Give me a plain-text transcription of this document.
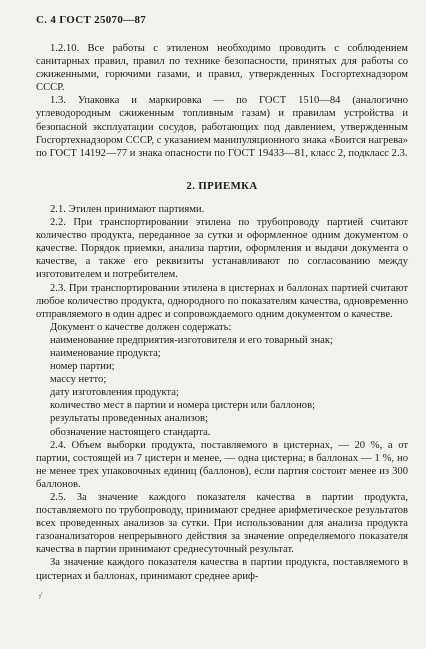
С. 4 ГОСТ 25070—87

1.2.10. Все работы с этиленом необходимо проводить с соблюдением санитарных правил, правил по технике безопасности, принятых для работы со сжиженными, горючими газами, и правил, утвержденных Госгортехнадзором СССР.

1.3. Упаковка и маркировка — по ГОСТ 1510—84 (аналогично углеводородным сжиженным топливным газам) и правилам устройства и безопасной эксплуатации сосудов, работающих под давлением, утвержденным Госгортехнадзором СССР, с указанием манипуляционного знака «Боится нагрева» по ГОСТ 14192—77 и знака опасности по ГОСТ 19433—81, класс 2, подкласс 2.3.

2. ПРИЕМКА

2.1. Этилен принимают партиями.

2.2. При транспортировании этилена по трубопроводу партией считают количество продукта, переданное за сутки и оформленное одним документом о качестве. Порядок приемки, анализа партии, оформления и выдачи документа о качестве, а также его реквизиты устанавливают по согласованию между изготовителем и потребителем.

2.3. При транспортировании этилена в цистернах и баллонах партией считают любое количество продукта, однородного по показателям качества, одновременно отправляемого в один адрес и сопровождаемого одним документом о качестве.

Документ о качестве должен содержать:

наименование предприятия-изготовителя и его товарный знак;

наименование продукта;

номер партии;

массу нетто;

дату изготовления продукта;

количество мест в партии и номера цистерн или баллонов;

результаты проведенных анализов;

обозначение настоящего стандарта.

2.4. Объем выборки продукта, поставляемого в цистернах, — 20 %, а от партии, состоящей из 7 цистерн и менее, — одна цистерна; в баллонах — 1 %, но не менее трех упаковочных единиц (баллонов), если партия состоит менее из 300 баллонов.

2.5. За значение каждого показателя качества в партии продукта, поставляемого по трубопроводу, принимают среднее арифметическое результатов всех проведенных анализов за сутки. При использовании для анализа продукта газоанализаторов непрерывного действия за значение определяемого показателя качества в партии принимают среднесуточный результат.

За значение каждого показателя качества в партии продукта, поставляемого в цистернах и баллонах, принимают среднее ариф-

·̸
